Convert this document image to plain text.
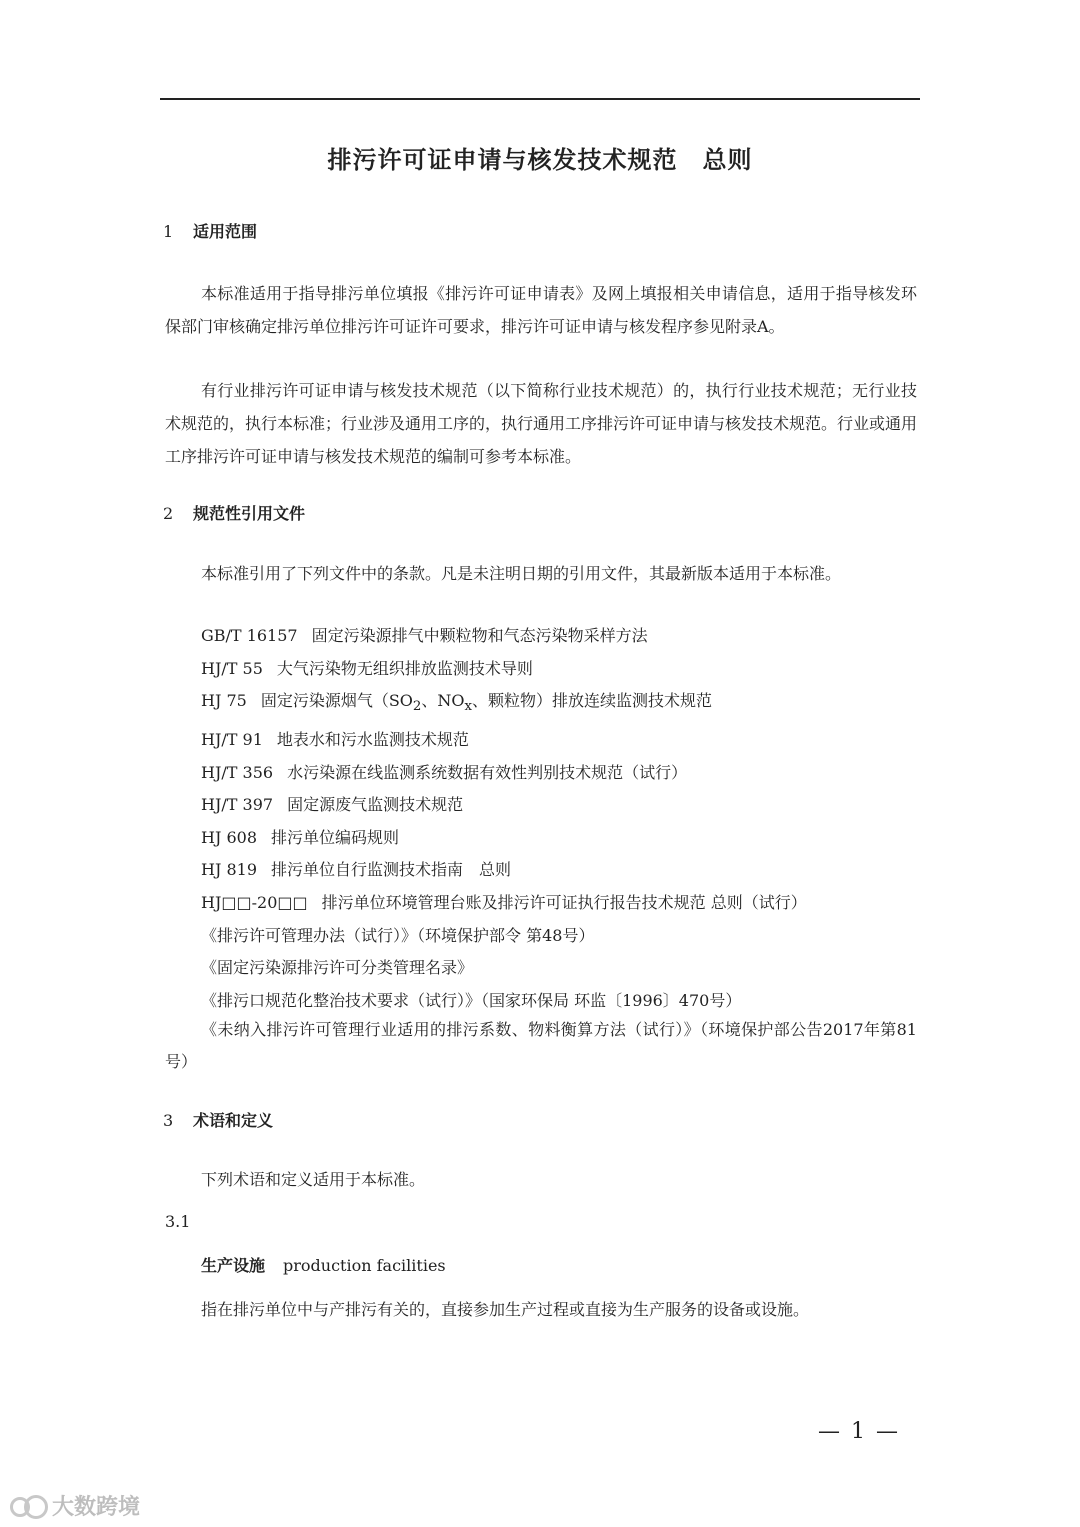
排污许可证申请与核发技术规范　总则
1 适用范围

本标准适用于指导排污单位填报《排污许可证申请表》及网上填报相关申请信息，适用于指导核发环保部门审核确定排污单位排污许可证许可要求，排污许可证申请与核发程序参见附录A。

有行业排污许可证申请与核发技术规范（以下简称行业技术规范）的，执行行业技术规范；无行业技术规范的，执行本标准；行业涉及通用工序的，执行通用工序排污许可证申请与核发技术规范。行业或通用工序排污许可证申请与核发技术规范的编制可参考本标准。

2 规范性引用文件

本标准引用了下列文件中的条款。凡是未注明日期的引用文件，其最新版本适用于本标准。

GB/T 16157 固定污染源排气中颗粒物和气态污染物采样方法
HJ/T 55 大气污染物无组织排放监测技术导则
HJ 75 固定污染源烟气（$SO_2$、$NO_x$、颗粒物）排放连续监测技术规范
HJ/T 91 地表水和污水监测技术规范
HJ/T 356 水污染源在线监测系统数据有效性判别技术规范（试行）
HJ/T 397 固定源废气监测技术规范
HJ 608 排污单位编码规则
HJ 819 排污单位自行监测技术指南　总则
HJ□□-20□□ 排污单位环境管理台账及排污许可证执行报告技术规范 总则（试行）
《排污许可管理办法（试行）》（环境保护部令 第48号）
《固定污染源排污许可分类管理名录》
《排污口规范化整治技术要求（试行）》（国家环保局 环监〔1996〕470号）

《未纳入排污许可管理行业适用的排污系数、物料衡算方法（试行）》（环境保护部公告2017年第81号）

3 术语和定义

下列术语和定义适用于本标准。

3.1
生产设施 production facilities

指在排污单位中与产排污有关的，直接参加生产过程或直接为生产服务的设备或设施。

— 1 —
大数跨境
